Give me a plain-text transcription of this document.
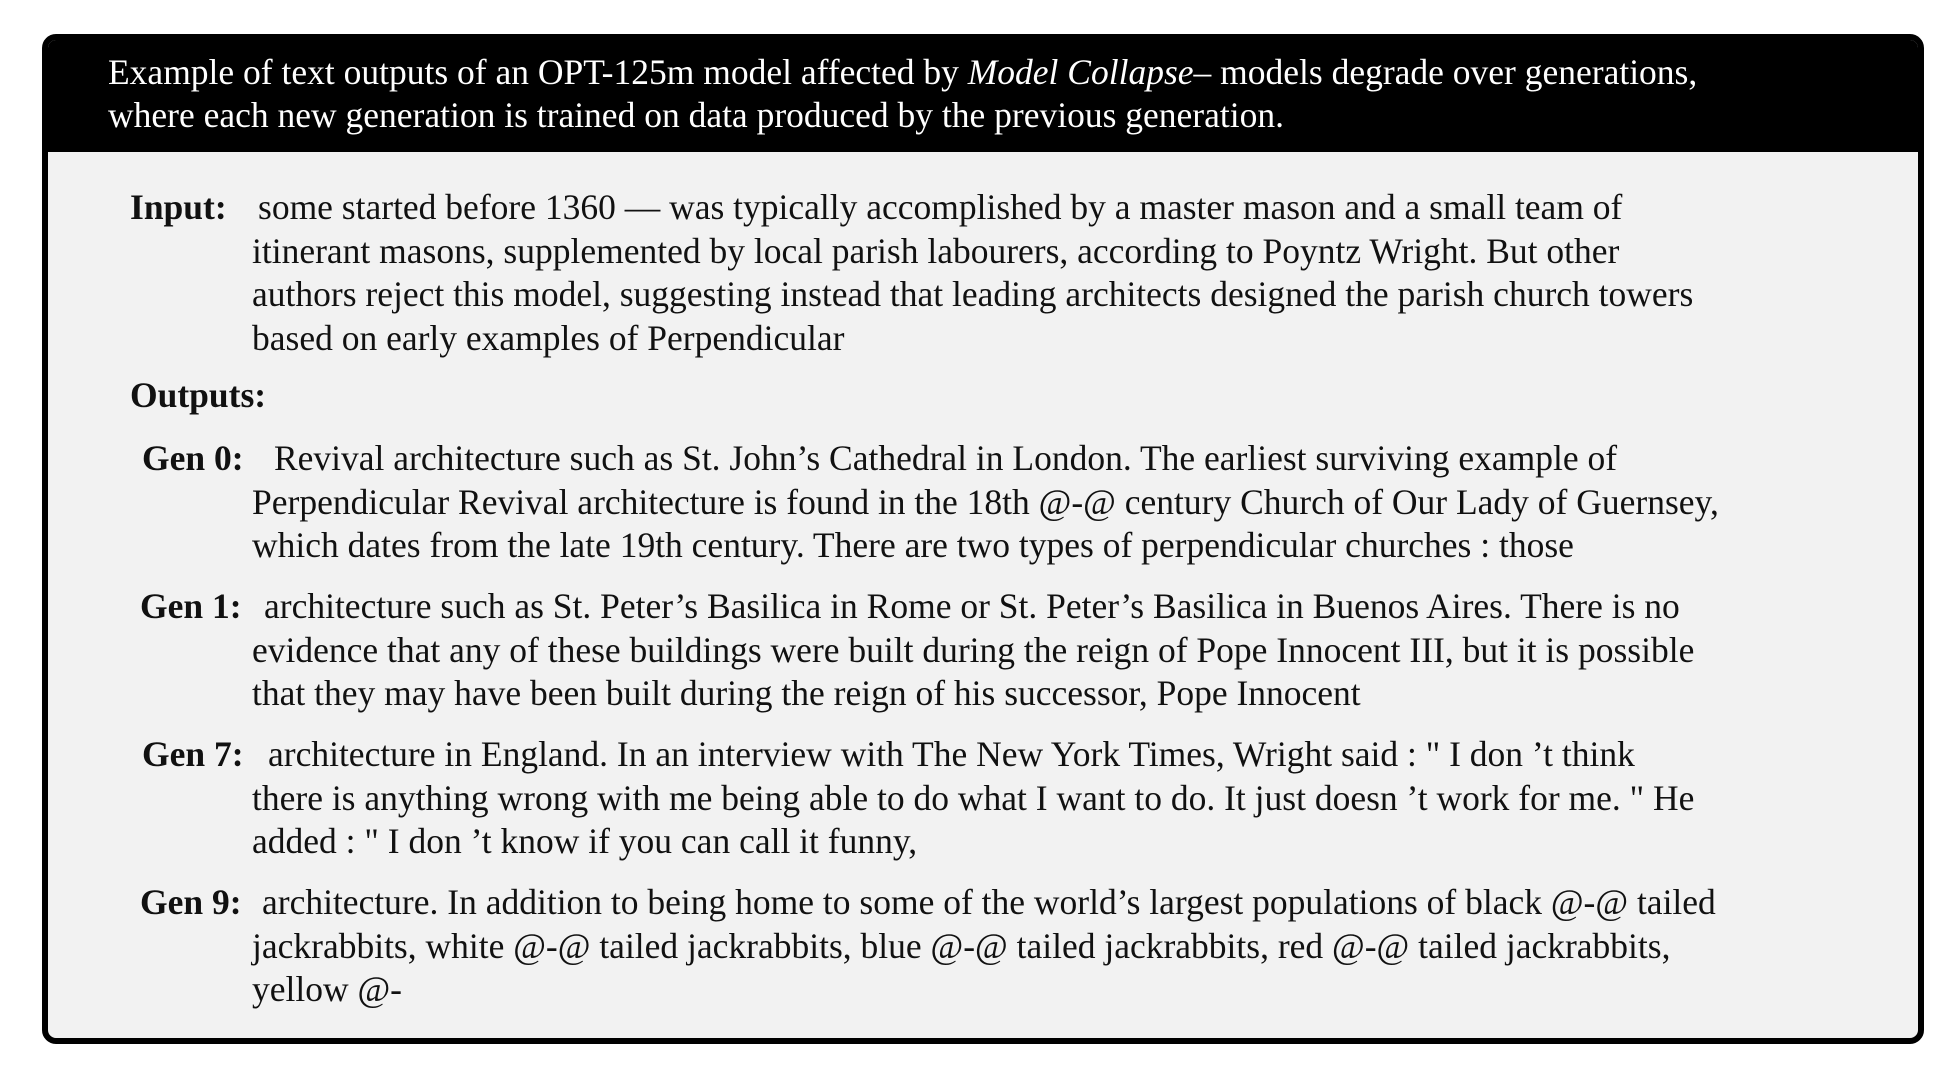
Example of text outputs of an OPT-125m model affected by Model Collapse– models degrade over generations,
where each new generation is trained on data produced by the previous generation.
Input: some started before 1360 — was typically accomplished by a master mason and a small team of
itinerant masons, supplemented by local parish labourers, according to Poyntz Wright. But other
authors reject this model, suggesting instead that leading architects designed the parish church towers
based on early examples of Perpendicular
Outputs:
Gen 0: Revival architecture such as St. John’s Cathedral in London. The earliest surviving example of
Perpendicular Revival architecture is found in the 18th @-@ century Church of Our Lady of Guernsey,
which dates from the late 19th century. There are two types of perpendicular churches : those
Gen 1: architecture such as St. Peter’s Basilica in Rome or St. Peter’s Basilica in Buenos Aires. There is no
evidence that any of these buildings were built during the reign of Pope Innocent III, but it is possible
that they may have been built during the reign of his successor, Pope Innocent
Gen 7: architecture in England. In an interview with The New York Times, Wright said : " I don ’t think
there is anything wrong with me being able to do what I want to do. It just doesn ’t work for me. " He
added : " I don ’t know if you can call it funny,
Gen 9: architecture. In addition to being home to some of the world’s largest populations of black @-@ tailed
jackrabbits, white @-@ tailed jackrabbits, blue @-@ tailed jackrabbits, red @-@ tailed jackrabbits,
yellow @-
